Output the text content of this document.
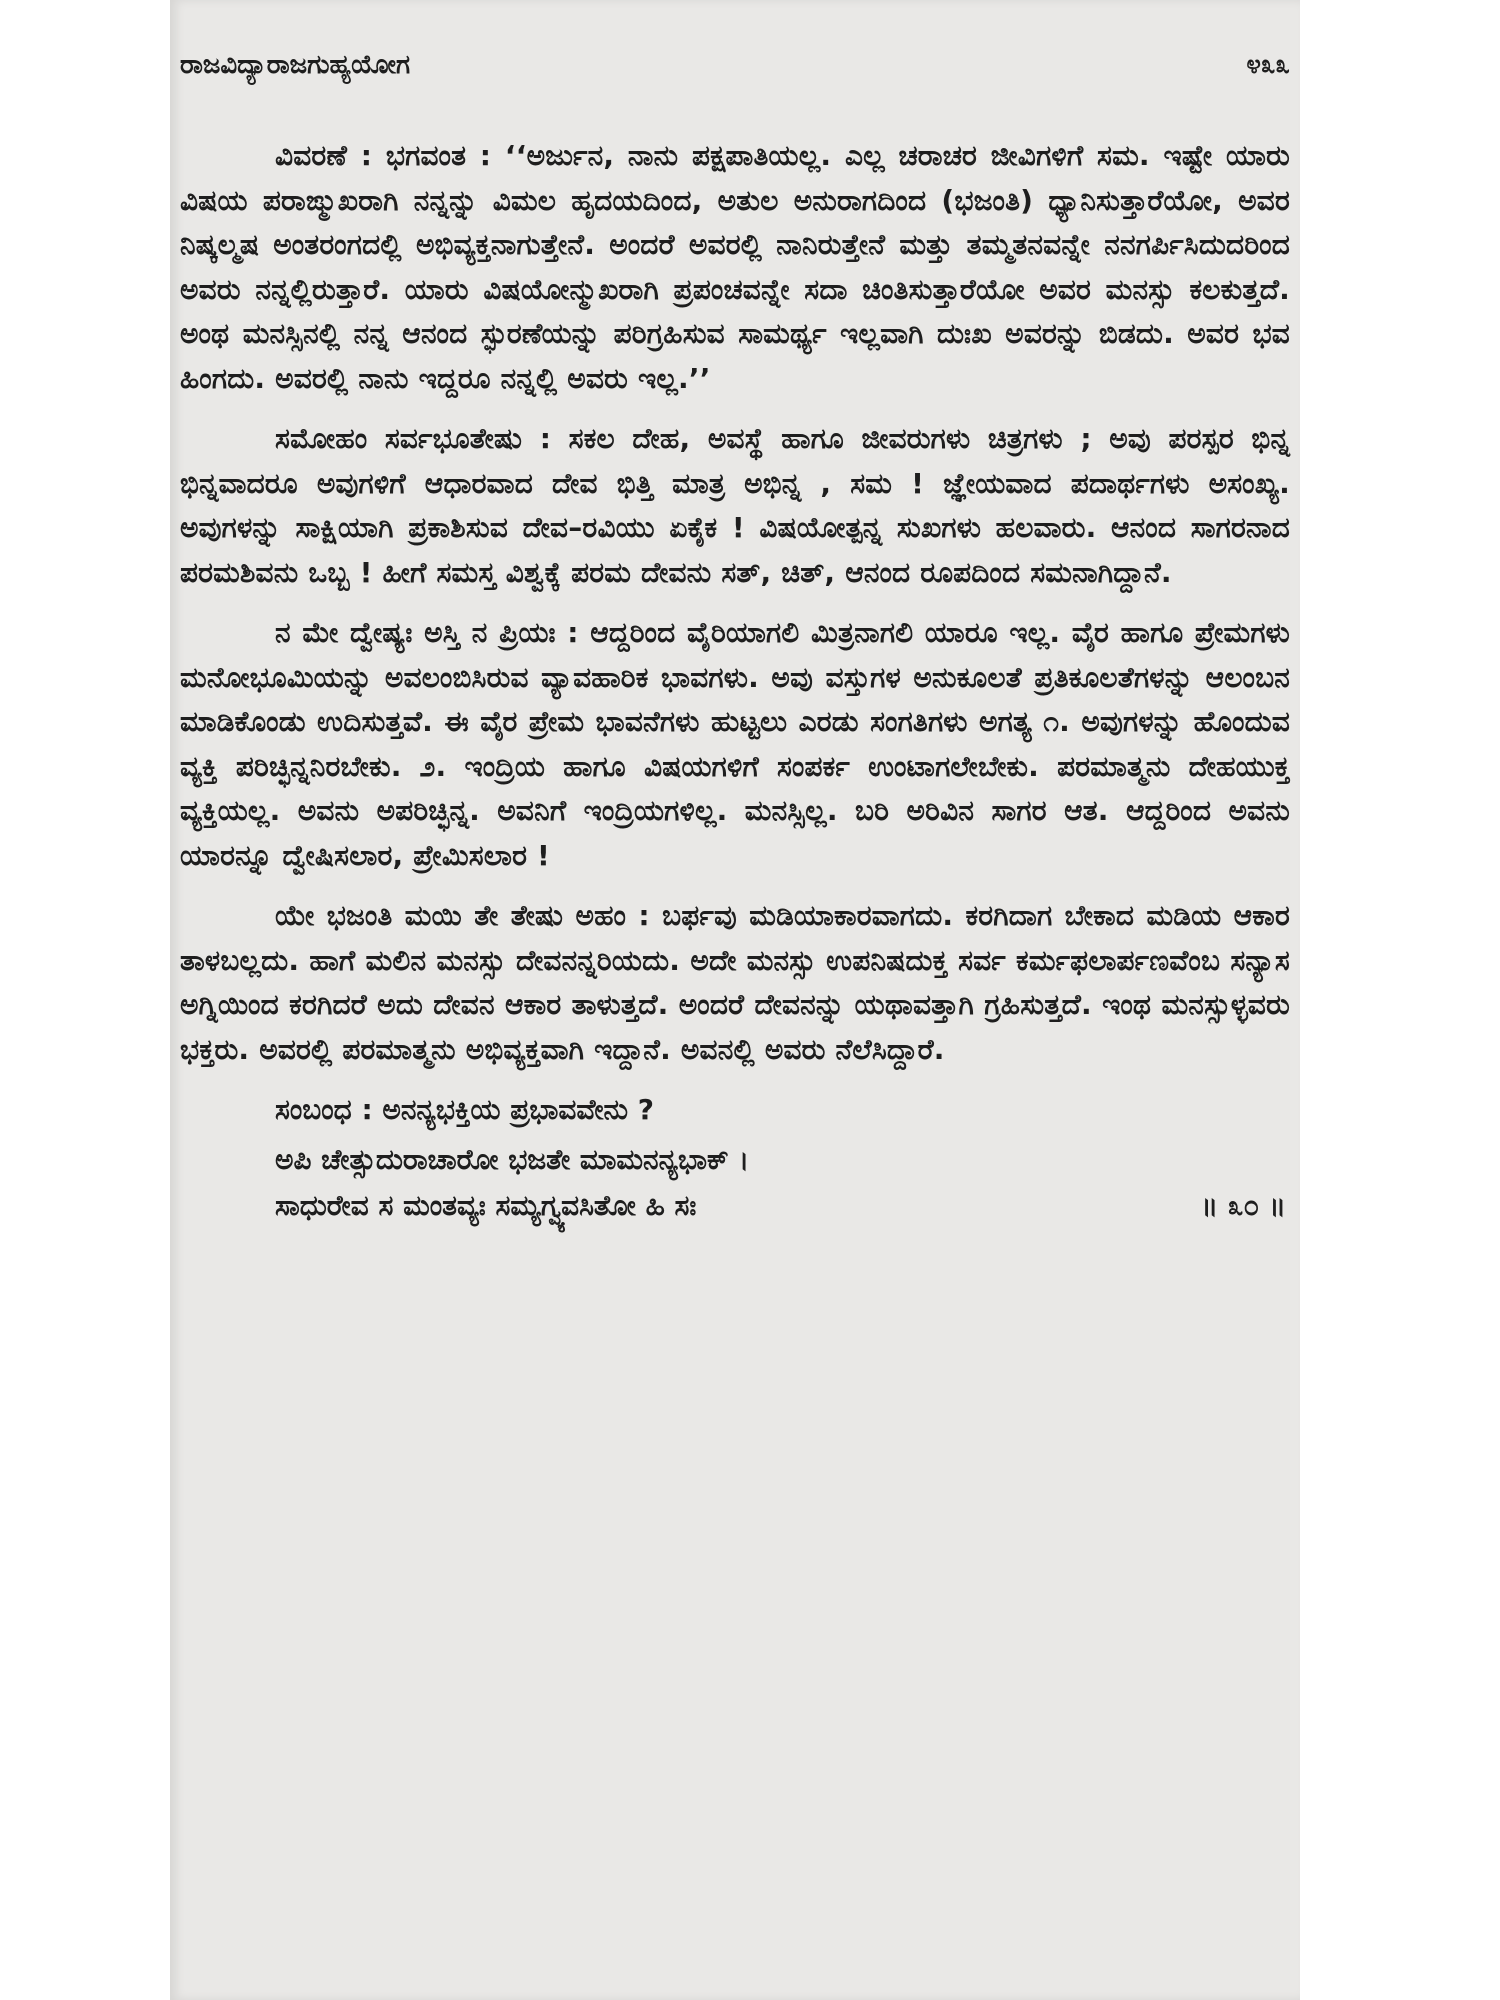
ರಾಜವಿದ್ಯಾರಾಜಗುಹ್ಯಯೋಗ	೪೩೩

ವಿವರಣೆ : ಭಗವಂತ : ‘‘ಅರ್ಜುನ, ನಾನು ಪಕ್ಷಪಾತಿಯಲ್ಲ. ಎಲ್ಲ ಚರಾಚರ ಜೀವಿಗಳಿಗೆ ಸಮ. ಇಷ್ಟೇ ಯಾರು ವಿಷಯ ಪರಾಙ್ಮುಖರಾಗಿ ನನ್ನನ್ನು ವಿಮಲ ಹೃದಯದಿಂದ, ಅತುಲ ಅನುರಾಗದಿಂದ (ಭಜಂತಿ) ಧ್ಯಾನಿಸುತ್ತಾರೆಯೋ, ಅವರ ನಿಷ್ಕಲ್ಮಷ ಅಂತರಂಗದಲ್ಲಿ ಅಭಿವ್ಯಕ್ತನಾಗುತ್ತೇನೆ. ಅಂದರೆ ಅವರಲ್ಲಿ ನಾನಿರುತ್ತೇನೆ ಮತ್ತು ತಮ್ಮತನವನ್ನೇ ನನಗರ್ಪಿಸಿದುದರಿಂದ ಅವರು ನನ್ನಲ್ಲಿರುತ್ತಾರೆ. ಯಾರು ವಿಷಯೋನ್ಮುಖರಾಗಿ ಪ್ರಪಂಚವನ್ನೇ ಸದಾ ಚಿಂತಿಸುತ್ತಾರೆಯೋ ಅವರ ಮನಸ್ಸು ಕಲಕುತ್ತದೆ. ಅಂಥ ಮನಸ್ಸಿನಲ್ಲಿ ನನ್ನ ಆನಂದ ಸ್ಫುರಣೆಯನ್ನು ಪರಿಗ್ರಹಿಸುವ ಸಾಮರ್ಥ್ಯ ಇಲ್ಲವಾಗಿ ದುಃಖ ಅವರನ್ನು ಬಿಡದು. ಅವರ ಭವ ಹಿಂಗದು. ಅವರಲ್ಲಿ ನಾನು ಇದ್ದರೂ ನನ್ನಲ್ಲಿ ಅವರು ಇಲ್ಲ.’’

ಸಮೋಹಂ ಸರ್ವಭೂತೇಷು : ಸಕಲ ದೇಹ, ಅವಸ್ಥೆ ಹಾಗೂ ಜೀವರುಗಳು ಚಿತ್ರಗಳು ; ಅವು ಪರಸ್ಪರ ಭಿನ್ನ ಭಿನ್ನವಾದರೂ ಅವುಗಳಿಗೆ ಆಧಾರವಾದ ದೇವ ಭಿತ್ತಿ ಮಾತ್ರ ಅಭಿನ್ನ , ಸಮ ! ಜ್ಞೇಯವಾದ ಪದಾರ್ಥಗಳು ಅಸಂಖ್ಯ. ಅವುಗಳನ್ನು ಸಾಕ್ಷಿಯಾಗಿ ಪ್ರಕಾಶಿಸುವ ದೇವ–ರವಿಯು ಏಕೈಕ ! ವಿಷಯೋತ್ಪನ್ನ ಸುಖಗಳು ಹಲವಾರು. ಆನಂದ ಸಾಗರನಾದ ಪರಮಶಿವನು ಒಬ್ಬ ! ಹೀಗೆ ಸಮಸ್ತ ವಿಶ್ವಕ್ಕೆ ಪರಮ ದೇವನು ಸತ್, ಚಿತ್, ಆನಂದ ರೂಪದಿಂದ ಸಮನಾಗಿದ್ದಾನೆ.

ನ ಮೇ ದ್ವೇಷ್ಯಃ ಅಸ್ತಿ ನ ಪ್ರಿಯಃ : ಆದ್ದರಿಂದ ವೈರಿಯಾಗಲಿ ಮಿತ್ರನಾಗಲಿ ಯಾರೂ ಇಲ್ಲ. ವೈರ ಹಾಗೂ ಪ್ರೇಮಗಳು ಮನೋಭೂಮಿಯನ್ನು ಅವಲಂಬಿಸಿರುವ ವ್ಯಾವಹಾರಿಕ ಭಾವಗಳು. ಅವು ವಸ್ತುಗಳ ಅನುಕೂಲತೆ ಪ್ರತಿಕೂಲತೆಗಳನ್ನು ಆಲಂಬನ ಮಾಡಿಕೊಂಡು ಉದಿಸುತ್ತವೆ. ಈ ವೈರ ಪ್ರೇಮ ಭಾವನೆಗಳು ಹುಟ್ಟಲು ಎರಡು ಸಂಗತಿಗಳು ಅಗತ್ಯ ೧. ಅವುಗಳನ್ನು ಹೊಂದುವ ವ್ಯಕ್ತಿ ಪರಿಚ್ಛಿನ್ನನಿರಬೇಕು. ೨. ಇಂದ್ರಿಯ ಹಾಗೂ ವಿಷಯಗಳಿಗೆ ಸಂಪರ್ಕ ಉಂಟಾಗಲೇಬೇಕು. ಪರಮಾತ್ಮನು ದೇಹಯುಕ್ತ ವ್ಯಕ್ತಿಯಲ್ಲ. ಅವನು ಅಪರಿಚ್ಛಿನ್ನ. ಅವನಿಗೆ ಇಂದ್ರಿಯಗಳಿಲ್ಲ. ಮನಸ್ಸಿಲ್ಲ. ಬರಿ ಅರಿವಿನ ಸಾಗರ ಆತ. ಆದ್ದರಿಂದ ಅವನು ಯಾರನ್ನೂ ದ್ವೇಷಿಸಲಾರ, ಪ್ರೇಮಿಸಲಾರ !

ಯೇ ಭಜಂತಿ ಮಯಿ ತೇ ತೇಷು ಅಹಂ : ಬರ್ಫವು ಮಡಿಯಾಕಾರವಾಗದು. ಕರಗಿದಾಗ ಬೇಕಾದ ಮಡಿಯ ಆಕಾರ ತಾಳಬಲ್ಲದು. ಹಾಗೆ ಮಲಿನ ಮನಸ್ಸು ದೇವನನ್ನರಿಯದು. ಅದೇ ಮನಸ್ಸು ಉಪನಿಷದುಕ್ತ ಸರ್ವ ಕರ್ಮಫಲಾರ್ಪಣವೆಂಬ ಸನ್ಯಾಸ ಅಗ್ನಿಯಿಂದ ಕರಗಿದರೆ ಅದು ದೇವನ ಆಕಾರ ತಾಳುತ್ತದೆ. ಅಂದರೆ ದೇವನನ್ನು ಯಥಾವತ್ತಾಗಿ ಗ್ರಹಿಸುತ್ತದೆ. ಇಂಥ ಮನಸ್ಸುಳ್ಳವರು ಭಕ್ತರು. ಅವರಲ್ಲಿ ಪರಮಾತ್ಮನು ಅಭಿವ್ಯಕ್ತವಾಗಿ ಇದ್ದಾನೆ. ಅವನಲ್ಲಿ ಅವರು ನೆಲೆಸಿದ್ದಾರೆ.

ಸಂಬಂಧ : ಅನನ್ಯಭಕ್ತಿಯ ಪ್ರಭಾವವೇನು ?
ಅಪಿ ಚೇತ್ಸುದುರಾಚಾರೋ ಭಜತೇ ಮಾಮನನ್ಯಭಾಕ್ ।
ಸಾಧುರೇವ ಸ ಮಂತವ್ಯಃ ಸಮ್ಯಗ್ವ್ಯವಸಿತೋ ಹಿ ಸಃ	॥ ೩೦ ॥
